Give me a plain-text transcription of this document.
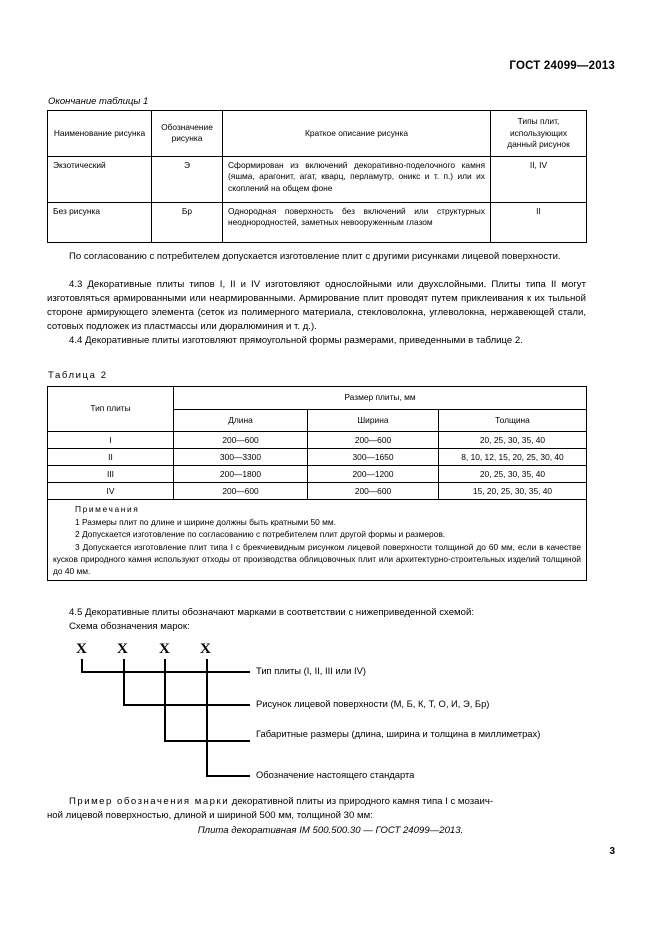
ГОСТ 24099—2013
Окончание таблицы 1
Наименование рисунка	Обозначение рисунка	Краткое описание рисунка	Типы плит, использующих данный рисунок
Экзотический	Э	Сформирован из включений декоративно-поделочного камня (яшма, арагонит, агат, кварц, перламутр, оникс и т. п.) или их скоплений на общем фоне	II, IV
Без рисунка	Бр	Однородная поверхность без включений или структурных неоднородностей, заметных невооруженным глазом	II
По согласованию с потребителем допускается изготовление плит с другими рисунками лицевой поверхности.
4.3 Декоративные плиты типов I, II и IV изготовляют однослойными или двухслойными. Плиты типа II могут изготовляться армированными или неармированными. Армирование плит проводят путем приклеивания к их тыльной стороне армирующего элемента (сеток из полимерного материала, стекловолокна, углеволокна, нержавеющей стали, сотовых подложек из пластмассы или дюралюминия и т. д.).
4.4 Декоративные плиты изготовляют прямоугольной формы размерами, приведенными в таблице 2.
Таблица 2
Тип плиты	Размер плиты, мм		
	Длина	Ширина	Толщина
I	200—600	200—600	20, 25, 30, 35, 40
II	300—3300	300—1650	8, 10, 12, 15, 20, 25, 30, 40
III	200—1800	200—1200	20, 25, 30, 35, 40
IV	200—600	200—600	15, 20, 25, 30, 35, 40

Примечания
1 Размеры плит по длине и ширине должны быть кратными 50 мм.
2 Допускается изготовление по согласованию с потребителем плит другой формы и размеров.
3 Допускается изготовление плит типа I с брекчиевидным рисунком лицевой поверхности толщиной до 60 мм, если в качестве кусков природного камня используют отходы от производства облицовочных плит или архитектурно-строительных изделий толщиной до 40 мм.			
4.5 Декоративные плиты обозначают марками в соответствии с нижеприведенной схемой:
Схема обозначения марок:
X X X X
Тип плиты (I, II, III или IV)
Рисунок лицевой поверхности (М, Б, К, Т, О, И, Э, Бр)
Габаритные размеры (длина, ширина и толщина в миллиметрах)
Обозначение настоящего стандарта
Пример обозначения марки декоративной плиты из природного камня типа I с мозаич-
ной лицевой поверхностью, длиной и шириной 500 мм, толщиной 30 мм:
Плита декоративная IM 500.500.30 — ГОСТ 24099—2013.
3
